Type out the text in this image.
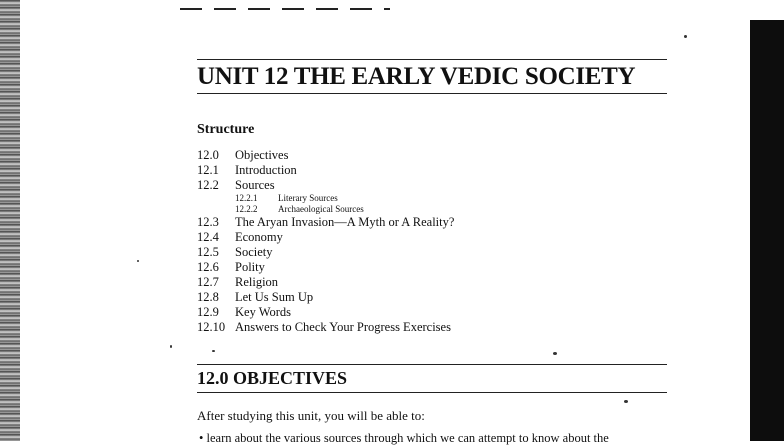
UNIT 12 THE EARLY VEDIC SOCIETY
Structure
12.0	Objectives
12.1	Introduction
12.2	Sources
12.2.1	Literary Sources
12.2.2	Archaeological Sources
12.3	The Aryan Invasion—A Myth or A Reality?
12.4	Economy
12.5	Society
12.6	Polity
12.7	Religion
12.8	Let Us Sum Up
12.9	Key Words
12.10 Answers to Check Your Progress Exercises
12.0 OBJECTIVES

After studying this unit, you will be able to:

• learn about the various sources through which we can attempt to know about the
